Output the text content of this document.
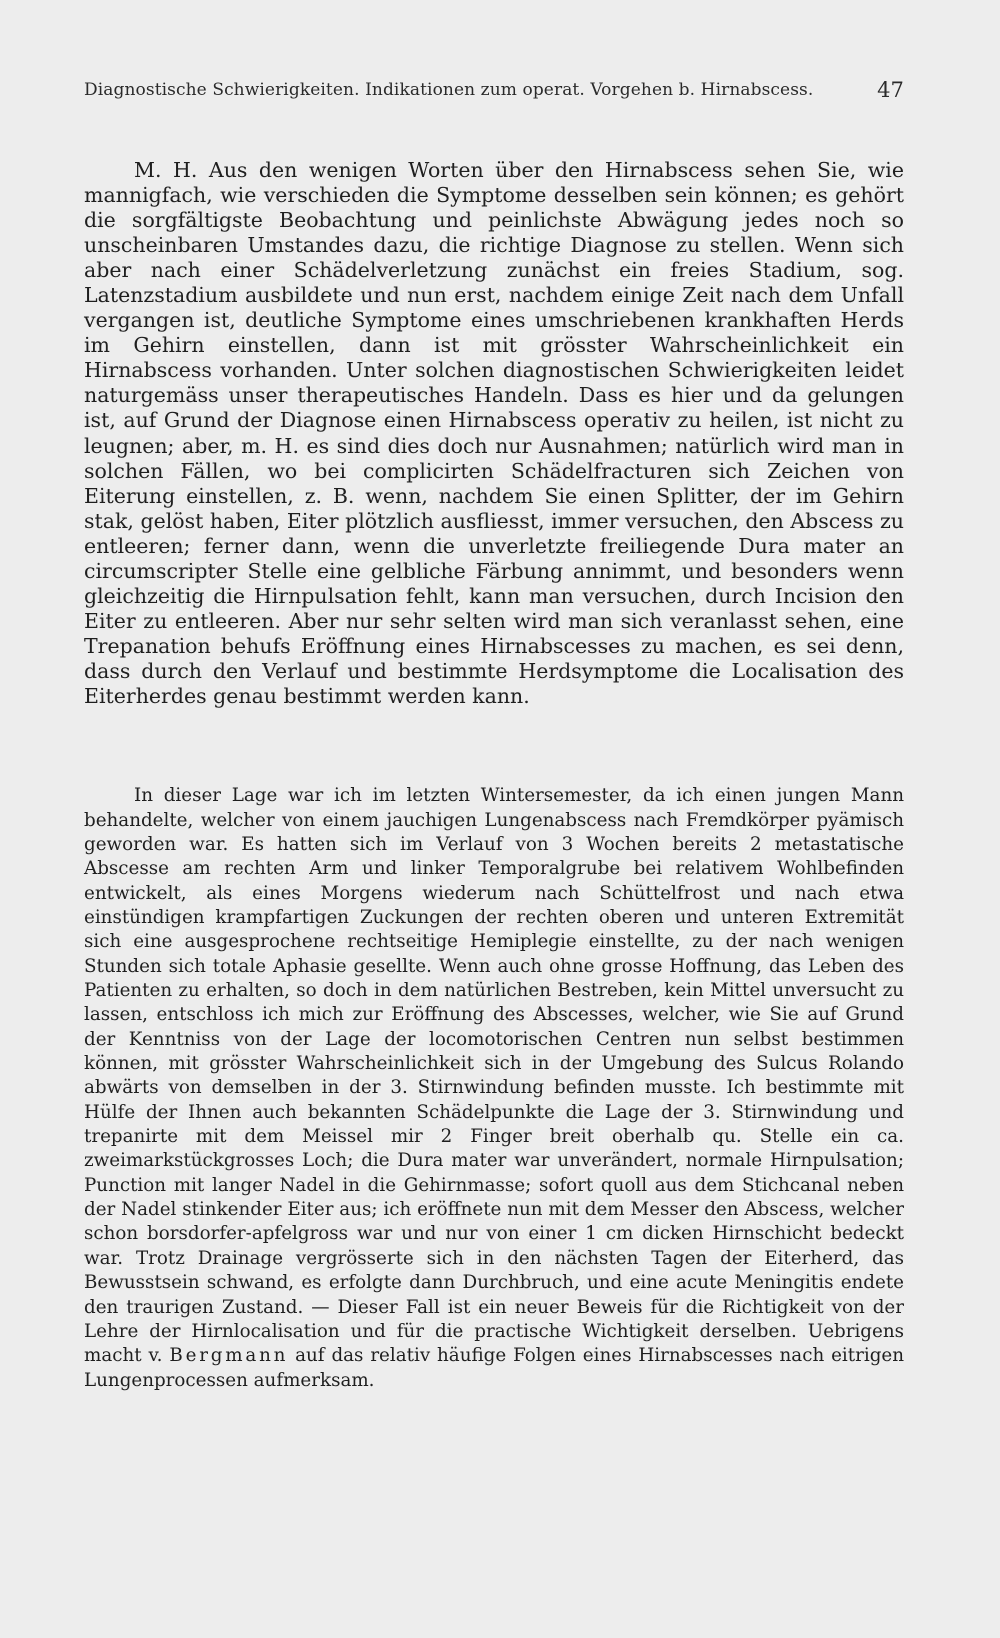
Diagnostische Schwierigkeiten. Indikationen zum operat. Vorgehen b. Hirnabscess.	47

M. H. Aus den wenigen Worten über den Hirnabscess sehen Sie, wie mannigfach, wie verschieden die Symptome desselben sein können; es gehört die sorgfältigste Beobachtung und peinlichste Abwägung jedes noch so unscheinbaren Umstandes dazu, die richtige Diagnose zu stellen. Wenn sich aber nach einer Schädelverletzung zunächst ein freies Stadium, sog. Latenzstadium ausbildete und nun erst, nachdem einige Zeit nach dem Unfall vergangen ist, deutliche Symptome eines umschriebenen krankhaften Herds im Gehirn einstellen, dann ist mit grösster Wahrscheinlichkeit ein Hirnabscess vorhanden. Unter solchen diagnostischen Schwierigkeiten leidet naturgemäss unser therapeutisches Handeln. Dass es hier und da gelungen ist, auf Grund der Diagnose einen Hirnabscess operativ zu heilen, ist nicht zu leugnen; aber, m. H. es sind dies doch nur Ausnahmen; natürlich wird man in solchen Fällen, wo bei complicirten Schädelfracturen sich Zeichen von Eiterung einstellen, z. B. wenn, nachdem Sie einen Splitter, der im Gehirn stak, gelöst haben, Eiter plötzlich ausfliesst, immer versuchen, den Abscess zu entleeren; ferner dann, wenn die unverletzte freiliegende Dura mater an circumscripter Stelle eine gelbliche Färbung annimmt, und besonders wenn gleichzeitig die Hirnpulsation fehlt, kann man versuchen, durch Incision den Eiter zu entleeren. Aber nur sehr selten wird man sich veranlasst sehen, eine Trepanation behufs Eröffnung eines Hirnabscesses zu machen, es sei denn, dass durch den Verlauf und bestimmte Herdsymptome die Localisation des Eiterherdes genau bestimmt werden kann.

In dieser Lage war ich im letzten Wintersemester, da ich einen jungen Mann behandelte, welcher von einem jauchigen Lungenabscess nach Fremdkörper pyämisch geworden war. Es hatten sich im Verlauf von 3 Wochen bereits 2 metastatische Abscesse am rechten Arm und linker Temporalgrube bei relativem Wohlbefinden entwickelt, als eines Morgens wiederum nach Schüttelfrost und nach etwa einstündigen krampfartigen Zuckungen der rechten oberen und unteren Extremität sich eine ausgesprochene rechtseitige Hemiplegie einstellte, zu der nach wenigen Stunden sich totale Aphasie gesellte. Wenn auch ohne grosse Hoffnung, das Leben des Patienten zu erhalten, so doch in dem natürlichen Bestreben, kein Mittel unversucht zu lassen, entschloss ich mich zur Eröffnung des Abscesses, welcher, wie Sie auf Grund der Kenntniss von der Lage der locomotorischen Centren nun selbst bestimmen können, mit grösster Wahrscheinlichkeit sich in der Umgebung des Sulcus Rolando abwärts von demselben in der 3. Stirnwindung befinden musste. Ich bestimmte mit Hülfe der Ihnen auch bekannten Schädelpunkte die Lage der 3. Stirnwindung und trepanirte mit dem Meissel mir 2 Finger breit oberhalb qu. Stelle ein ca. zweimarkstückgrosses Loch; die Dura mater war unverändert, normale Hirnpulsation; Punction mit langer Nadel in die Gehirnmasse; sofort quoll aus dem Stichcanal neben der Nadel stinkender Eiter aus; ich eröffnete nun mit dem Messer den Abscess, welcher schon borsdorfer-apfelgross war und nur von einer 1 cm dicken Hirnschicht bedeckt war. Trotz Drainage vergrösserte sich in den nächsten Tagen der Eiterherd, das Bewusstsein schwand, es erfolgte dann Durchbruch, und eine acute Meningitis endete den traurigen Zustand. — Dieser Fall ist ein neuer Beweis für die Richtigkeit von der Lehre der Hirnlocalisation und für die practische Wichtigkeit derselben. Uebrigens macht v. Bergmann auf das relativ häufige Folgen eines Hirnabscesses nach eitrigen Lungenprocessen aufmerksam.
